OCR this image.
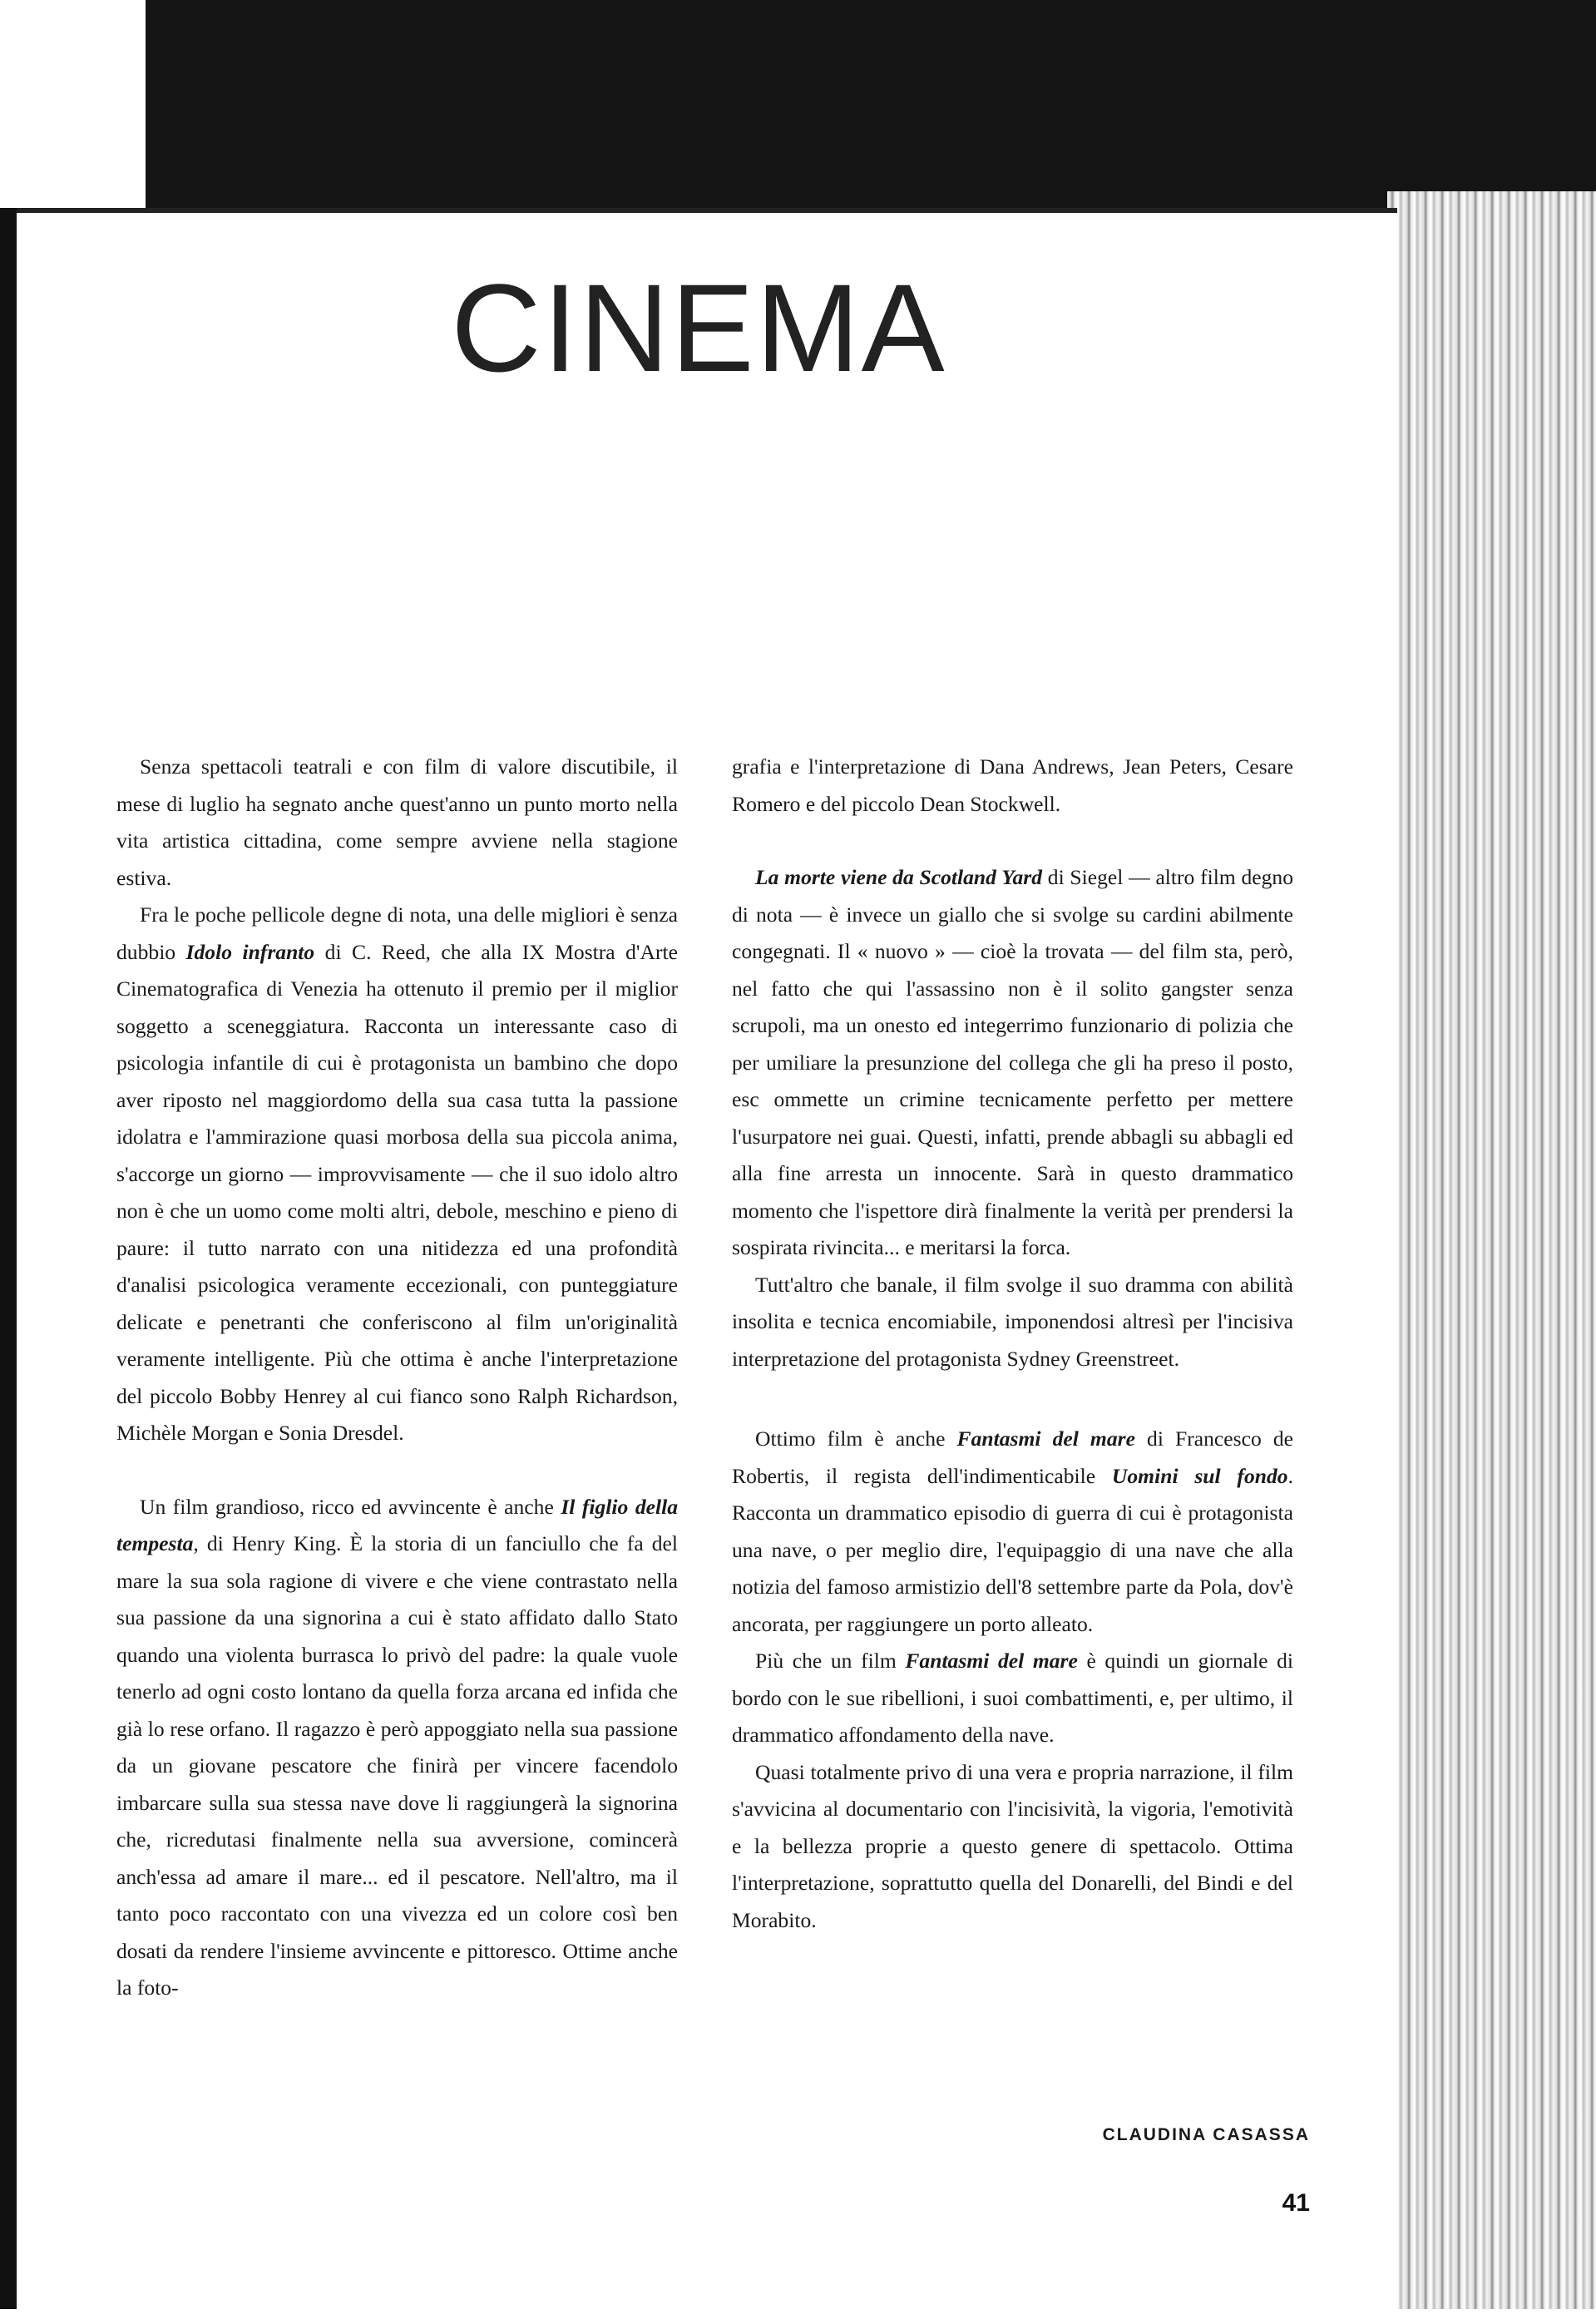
CINEMA

Senza spettacoli teatrali e con film di valore discutibile, il mese di luglio ha segnato anche quest'anno un punto morto nella vita artistica cittadina, come sempre avviene nella stagione estiva.

Fra le poche pellicole degne di nota, una delle migliori è senza dubbio Idolo infranto di C. Reed, che alla IX Mostra d'Arte Cinematografica di Venezia ha ottenuto il premio per il miglior soggetto a sceneggiatura. Racconta un interessante caso di psicologia infantile di cui è protagonista un bambino che dopo aver riposto nel maggiordomo della sua casa tutta la passione idolatra e l'ammirazione quasi morbosa della sua piccola anima, s'accorge un giorno — improvvisamente — che il suo idolo altro non è che un uomo come molti altri, debole, meschino e pieno di paure: il tutto narrato con una nitidezza ed una profondità d'analisi psicologica veramente eccezionali, con punteggiature delicate e penetranti che conferiscono al film un'originalità veramente intelligente. Più che ottima è anche l'interpretazione del piccolo Bobby Henrey al cui fianco sono Ralph Richardson, Michèle Morgan e Sonia Dresdel.

Un film grandioso, ricco ed avvincente è anche Il figlio della tempesta, di Henry King. È la storia di un fanciullo che fa del mare la sua sola ragione di vivere e che viene contrastato nella sua passione da una signorina a cui è stato affidato dallo Stato quando una violenta burrasca lo privò del padre: la quale vuole tenerlo ad ogni costo lontano da quella forza arcana ed infida che già lo rese orfano. Il ragazzo è però appoggiato nella sua passione da un giovane pescatore che finirà per vincere facendolo imbarcare sulla sua stessa nave dove li raggiungerà la signorina che, ricredutasi finalmente nella sua avversione, comincerà anch'essa ad amare il mare... ed il pescatore. Nell'altro, ma il tanto poco raccontato con una vivezza ed un colore così ben dosati da rendere l'insieme avvincente e pittoresco. Ottime anche la foto-

grafia e l'interpretazione di Dana Andrews, Jean Peters, Cesare Romero e del piccolo Dean Stockwell.

La morte viene da Scotland Yard di Siegel — altro film degno di nota — è invece un giallo che si svolge su cardini abilmente congegnati. Il « nuovo » — cioè la trovata — del film sta, però, nel fatto che qui l'assassino non è il solito gangster senza scrupoli, ma un onesto ed integerrimo funzionario di polizia che per umiliare la presunzione del collega che gli ha preso il posto, esc ommette un crimine tecnicamente perfetto per mettere l'usurpatore nei guai. Questi, infatti, prende abbagli su abbagli ed alla fine arresta un innocente. Sarà in questo drammatico momento che l'ispettore dirà finalmente la verità per prendersi la sospirata rivincita... e meritarsi la forca.

Tutt'altro che banale, il film svolge il suo dramma con abilità insolita e tecnica encomiabile, imponendosi altresì per l'incisiva interpretazione del protagonista Sydney Greenstreet.

Ottimo film è anche Fantasmi del mare di Francesco de Robertis, il regista dell'indimenticabile Uomini sul fondo. Racconta un drammatico episodio di guerra di cui è protagonista una nave, o per meglio dire, l'equipaggio di una nave che alla notizia del famoso armistizio dell'8 settembre parte da Pola, dov'è ancorata, per raggiungere un porto alleato.

Più che un film Fantasmi del mare è quindi un giornale di bordo con le sue ribellioni, i suoi combattimenti, e, per ultimo, il drammatico affondamento della nave.

Quasi totalmente privo di una vera e propria narrazione, il film s'avvicina al documentario con l'incisività, la vigoria, l'emotività e la bellezza proprie a questo genere di spettacolo. Ottima l'interpretazione, soprattutto quella del Donarelli, del Bindi e del Morabito.

CLAUDINA CASASSA
41
